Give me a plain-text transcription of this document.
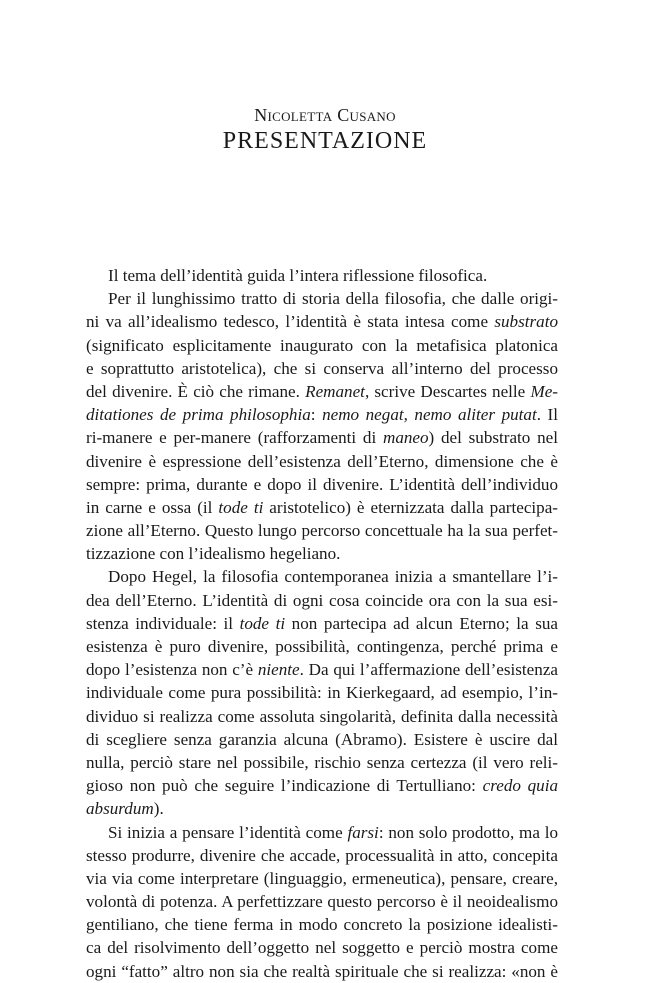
Nicoletta Cusano
PRESENTAZIONE
Il tema dell’identità guida l’intera riflessione filosofica.
Per il lunghissimo tratto di storia della filosofia, che dalle origi-
ni va all’idealismo tedesco, l’identità è stata intesa come substrato
(significato esplicitamente inaugurato con la metafisica platonica
e soprattutto aristotelica), che si conserva all’interno del processo
del divenire. È ciò che rimane. Remanet, scrive Descartes nelle Me-
ditationes de prima philosophia: nemo negat, nemo aliter putat. Il
ri-manere e per-manere (rafforzamenti di maneo) del substrato nel
divenire è espressione dell’esistenza dell’Eterno, dimensione che è
sempre: prima, durante e dopo il divenire. L’identità dell’individuo
in carne e ossa (il tode ti aristotelico) è eternizzata dalla partecipa-
zione all’Eterno. Questo lungo percorso concettuale ha la sua perfet-
tizzazione con l’idealismo hegeliano.
Dopo Hegel, la filosofia contemporanea inizia a smantellare l’i-
dea dell’Eterno. L’identità di ogni cosa coincide ora con la sua esi-
stenza individuale: il tode ti non partecipa ad alcun Eterno; la sua
esistenza è puro divenire, possibilità, contingenza, perché prima e
dopo l’esistenza non c’è niente. Da qui l’affermazione dell’esistenza
individuale come pura possibilità: in Kierkegaard, ad esempio, l’in-
dividuo si realizza come assoluta singolarità, definita dalla necessità
di scegliere senza garanzia alcuna (Abramo). Esistere è uscire dal
nulla, perciò stare nel possibile, rischio senza certezza (il vero reli-
gioso non può che seguire l’indicazione di Tertulliano: credo quia
absurdum).
Si inizia a pensare l’identità come farsi: non solo prodotto, ma lo
stesso produrre, divenire che accade, processualità in atto, concepita
via via come interpretare (linguaggio, ermeneutica), pensare, creare,
volontà di potenza. A perfettizzare questo percorso è il neoidealismo
gentiliano, che tiene ferma in modo concreto la posizione idealisti-
ca del risolvimento dell’oggetto nel soggetto e perciò mostra come
ogni “fatto” altro non sia che realtà spirituale che si realizza: «non è
